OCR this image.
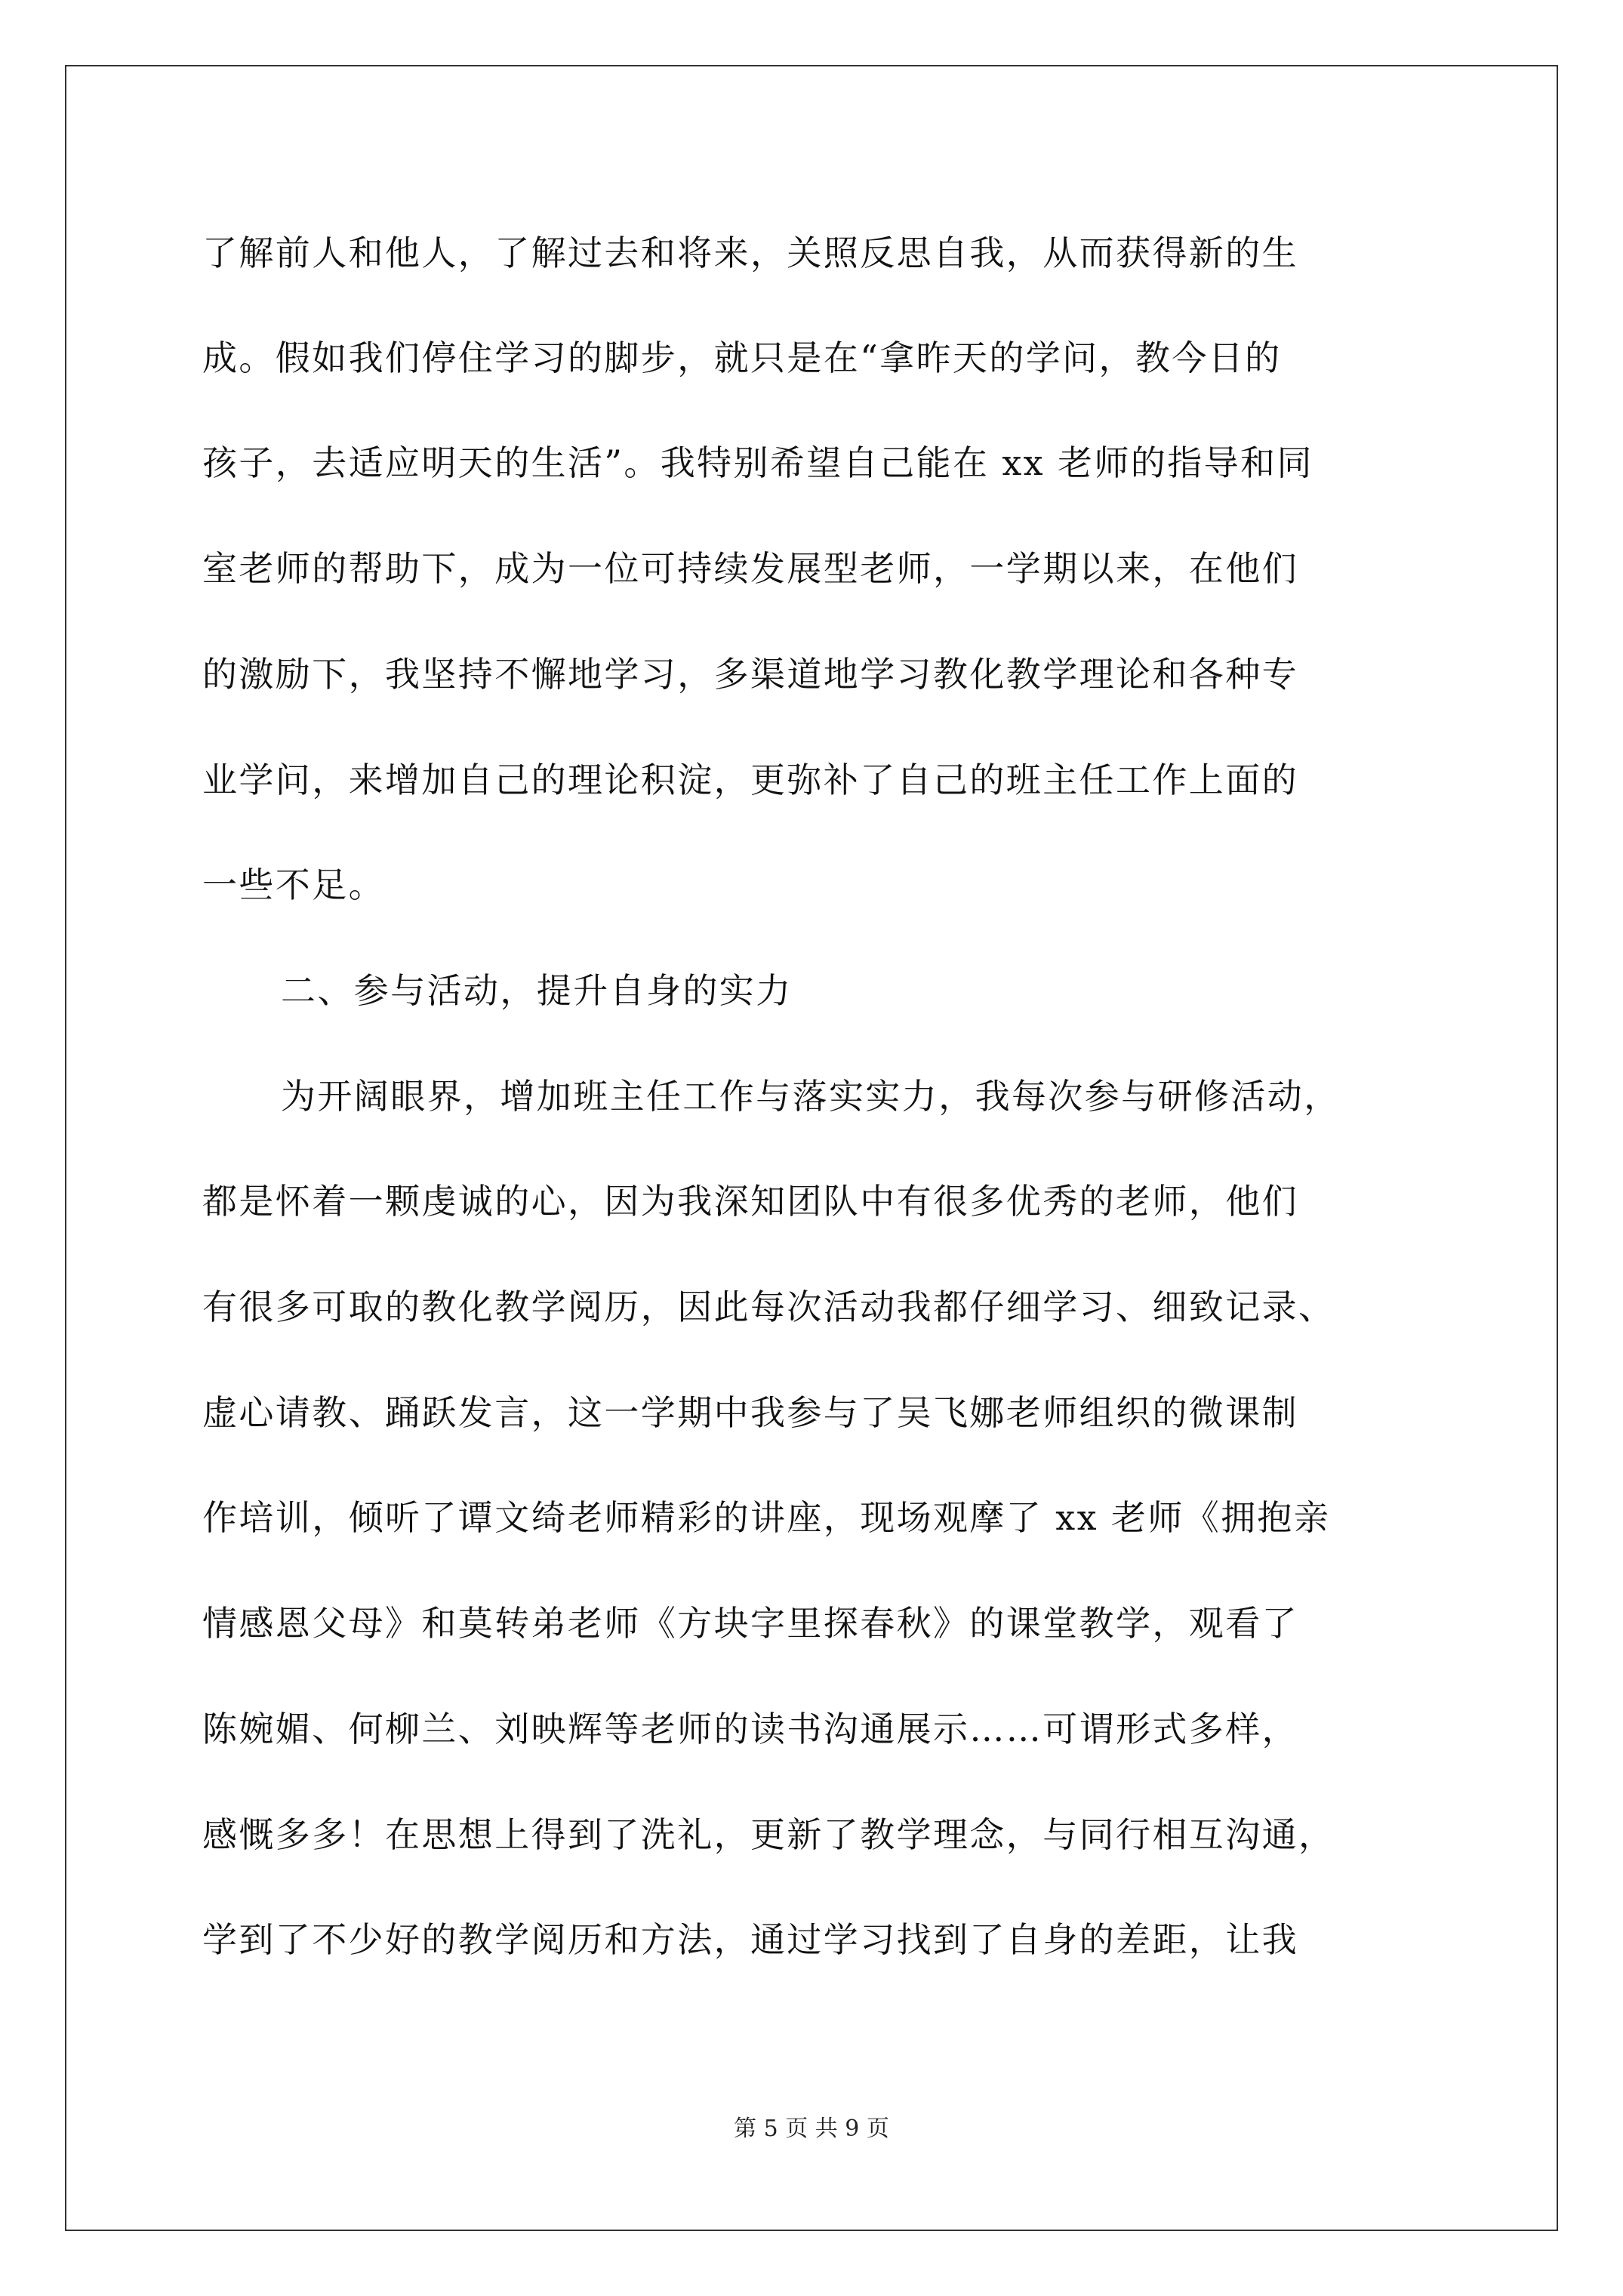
了解前人和他人，了解过去和将来，关照反思自我，从而获得新的生
成。假如我们停住学习的脚步，就只是在“拿昨天的学问，教今日的
孩子，去适应明天的生活”。我特别希望自己能在 xx 老师的指导和同
室老师的帮助下，成为一位可持续发展型老师，一学期以来，在他们
的激励下，我坚持不懈地学习，多渠道地学习教化教学理论和各种专
业学问，来增加自己的理论积淀，更弥补了自己的班主任工作上面的
一些不足。
二、参与活动，提升自身的实力
为开阔眼界，增加班主任工作与落实实力，我每次参与研修活动，
都是怀着一颗虔诚的心，因为我深知团队中有很多优秀的老师，他们
有很多可取的教化教学阅历，因此每次活动我都仔细学习、细致记录、
虚心请教、踊跃发言，这一学期中我参与了吴飞娜老师组织的微课制
作培训，倾听了谭文绮老师精彩的讲座，现场观摩了 xx 老师《拥抱亲
情感恩父母》和莫转弟老师《方块字里探春秋》的课堂教学，观看了
陈婉媚、何柳兰、刘映辉等老师的读书沟通展示……可谓形式多样，
感慨多多！在思想上得到了洗礼，更新了教学理念，与同行相互沟通，
学到了不少好的教学阅历和方法，通过学习找到了自身的差距，让我
第 5 页 共 9 页
